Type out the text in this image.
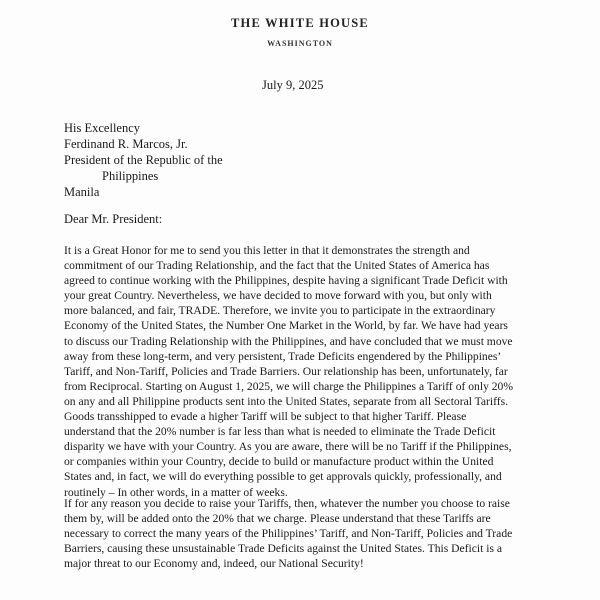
THE WHITE HOUSE
WASHINGTON
July 9, 2025
His Excellency
Ferdinand R. Marcos, Jr.
President of the Republic of the
Philippines
Manila
Dear Mr. President:
It is a Great Honor for me to send you this letter in that it demonstrates the strength and
commitment of our Trading Relationship, and the fact that the United States of America has
agreed to continue working with the Philippines, despite having a significant Trade Deficit with
your great Country. Nevertheless, we have decided to move forward with you, but only with
more balanced, and fair, TRADE. Therefore, we invite you to participate in the extraordinary
Economy of the United States, the Number One Market in the World, by far. We have had years
to discuss our Trading Relationship with the Philippines, and have concluded that we must move
away from these long-term, and very persistent, Trade Deficits engendered by the Philippines’
Tariff, and Non-Tariff, Policies and Trade Barriers. Our relationship has been, unfortunately, far
from Reciprocal. Starting on August 1, 2025, we will charge the Philippines a Tariff of only 20%
on any and all Philippine products sent into the United States, separate from all Sectoral Tariffs.
Goods transshipped to evade a higher Tariff will be subject to that higher Tariff. Please
understand that the 20% number is far less than what is needed to eliminate the Trade Deficit
disparity we have with your Country. As you are aware, there will be no Tariff if the Philippines,
or companies within your Country, decide to build or manufacture product within the United
States and, in fact, we will do everything possible to get approvals quickly, professionally, and
routinely – In other words, in a matter of weeks.
If for any reason you decide to raise your Tariffs, then, whatever the number you choose to raise
them by, will be added onto the 20% that we charge. Please understand that these Tariffs are
necessary to correct the many years of the Philippines’ Tariff, and Non-Tariff, Policies and Trade
Barriers, causing these unsustainable Trade Deficits against the United States. This Deficit is a
major threat to our Economy and, indeed, our National Security!
